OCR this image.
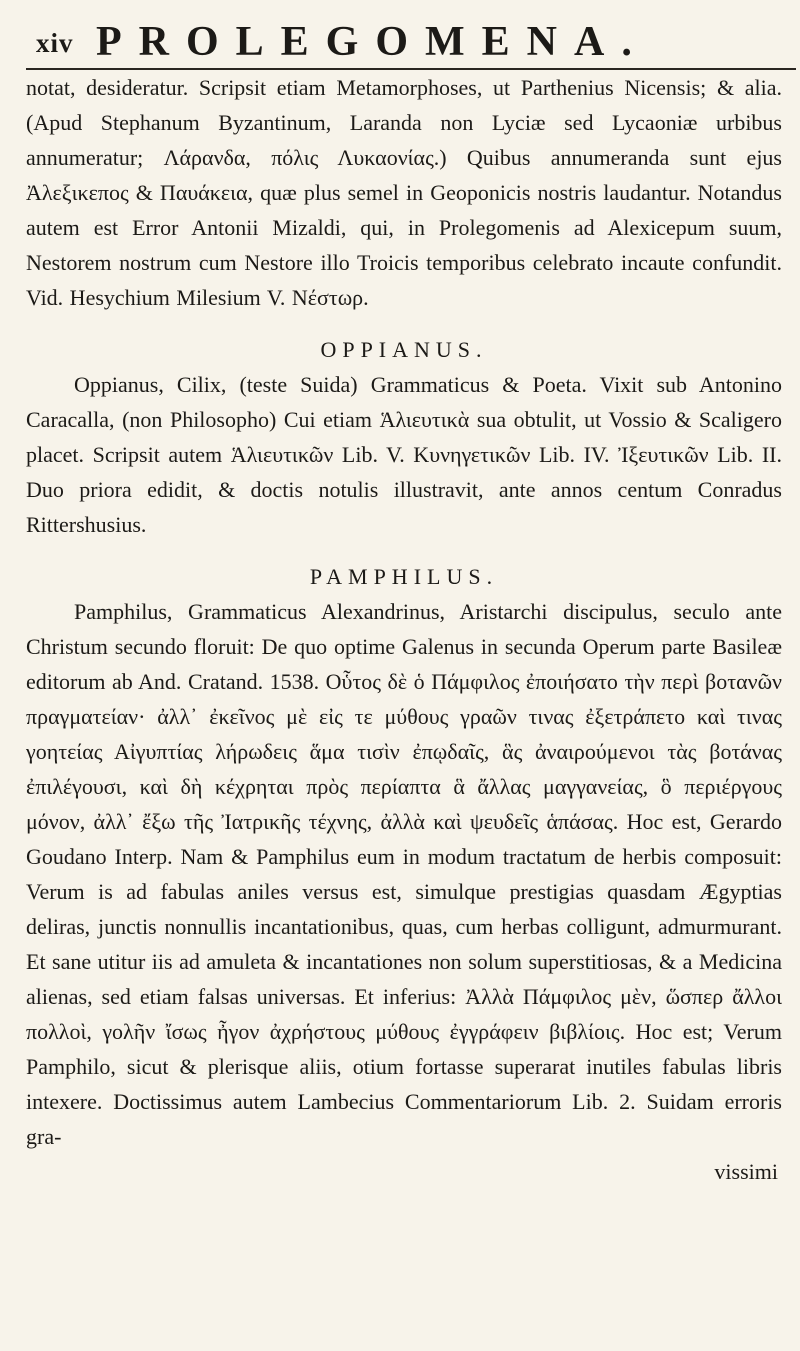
xiv PROLEGOMENA.

notat, desideratur. Scripsit etiam Metamorphoses, ut Parthenius Nicensis; & alia. (Apud Stephanum Byzantinum, Laranda non Lyciæ sed Lycaoniæ urbibus annumeratur; Λάρανδα, πόλις Λυκαονίας.) Quibus annumeranda sunt ejus Ἀλεξικεπος & Παυάκεια, quæ plus semel in Geoponicis nostris laudantur. Notandus autem est Error Antonii Mizaldi, qui, in Prolegomenis ad Alexicepum suum, Nestorem nostrum cum Nestore illo Troicis temporibus celebrato incaute confundit. Vid. Hesychium Milesium V. Νέστωρ.

OPPIANUS.

Oppianus, Cilix, (teste Suida) Grammaticus & Poeta. Vixit sub Antonino Caracalla, (non Philosopho) Cui etiam Ἁλιευτικὰ sua obtulit, ut Vossio & Scaligero placet. Scripsit autem Ἁλιευτικῶν Lib. V. Κυνηγετικῶν Lib. IV. Ἰξευτικῶν Lib. II. Duo priora edidit, & doctis notulis illustravit, ante annos centum Conradus Rittershusius.

PAMPHILUS.

Pamphilus, Grammaticus Alexandrinus, Aristarchi discipulus, seculo ante Christum secundo floruit: De quo optime Galenus in secunda Operum parte Basileæ editorum ab And. Cratand. 1538. Οὗτος δὲ ὁ Πάμφιλος ἐποιήσατο τὴν περὶ βοτανῶν πραγματείαν· ἀλλ᾽ ἐκεῖνος μὲ εἰς τε μύθους γραῶν τινας ἐξετράπετο καὶ τινας γοητείας Αἰγυπτίας λήρωδεις ἅμα τισὶν ἐπῳδαῖς, ἃς ἀναιρούμενοι τὰς βοτάνας ἐπιλέγουσι, καὶ δὴ κέχρηται πρὸς περίαπτα ἃ ἄλλας μαγγανείας, ὃ περιέργους μόνον, ἀλλ᾽ ἔξω τῆς Ἰατρικῆς τέχνης, ἀλλὰ καὶ ψευδεῖς ἁπάσας. Hoc est, Gerardo Goudano Interp. Nam & Pamphilus eum in modum tractatum de herbis composuit: Verum is ad fabulas aniles versus est, simulque prestigias quasdam Ægyptias deliras, junctis nonnullis incantationibus, quas, cum herbas colligunt, admurmurant. Et sane utitur iis ad amuleta & incantationes non solum superstitiosas, & a Medicina alienas, sed etiam falsas universas. Et inferius: Ἀλλὰ Πάμφιλος μὲν, ὥσπερ ἄλλοι πολλοὶ, γολῆν ἴσως ἦγον ἀχρήστους μύθους ἐγγράφειν βιβλίοις. Hoc est; Verum Pamphilo, sicut & plerisque aliis, otium fortasse superarat inutiles fabulas libris intexere. Doctissimus autem Lambecius Commentariorum Lib. 2. Suidam erroris gra-

vissimi
